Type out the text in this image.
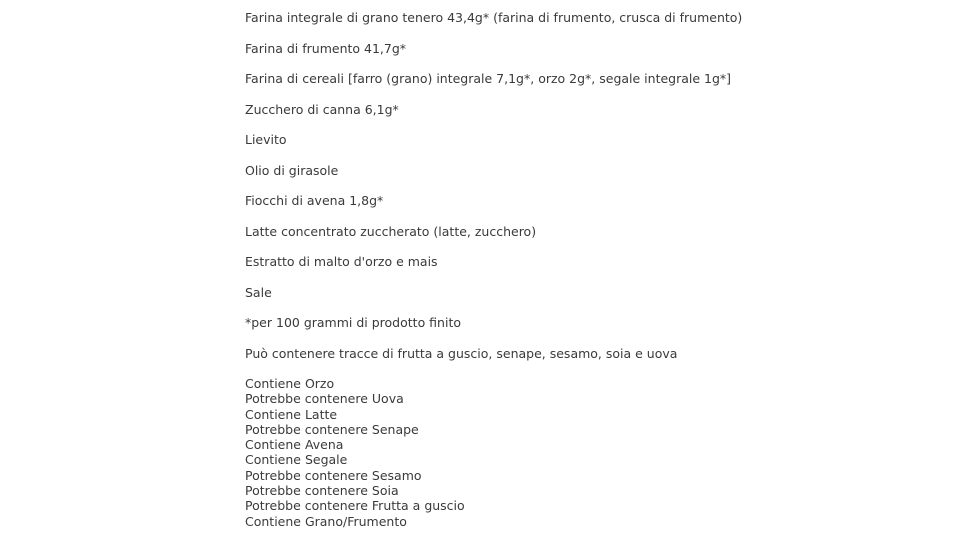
Farina integrale di grano tenero 43,4g* (farina di frumento, crusca di frumento)
Farina di frumento 41,7g*
Farina di cereali [farro (grano) integrale 7,1g*, orzo 2g*, segale integrale 1g*]
Zucchero di canna 6,1g*
Lievito
Olio di girasole
Fiocchi di avena 1,8g*
Latte concentrato zuccherato (latte, zucchero)
Estratto di malto d'orzo e mais
Sale
*per 100 grammi di prodotto finito
Può contenere tracce di frutta a guscio, senape, sesamo, soia e uova
Contiene Orzo
Potrebbe contenere Uova
Contiene Latte
Potrebbe contenere Senape
Contiene Avena
Contiene Segale
Potrebbe contenere Sesamo
Potrebbe contenere Soia
Potrebbe contenere Frutta a guscio
Contiene Grano/Frumento
